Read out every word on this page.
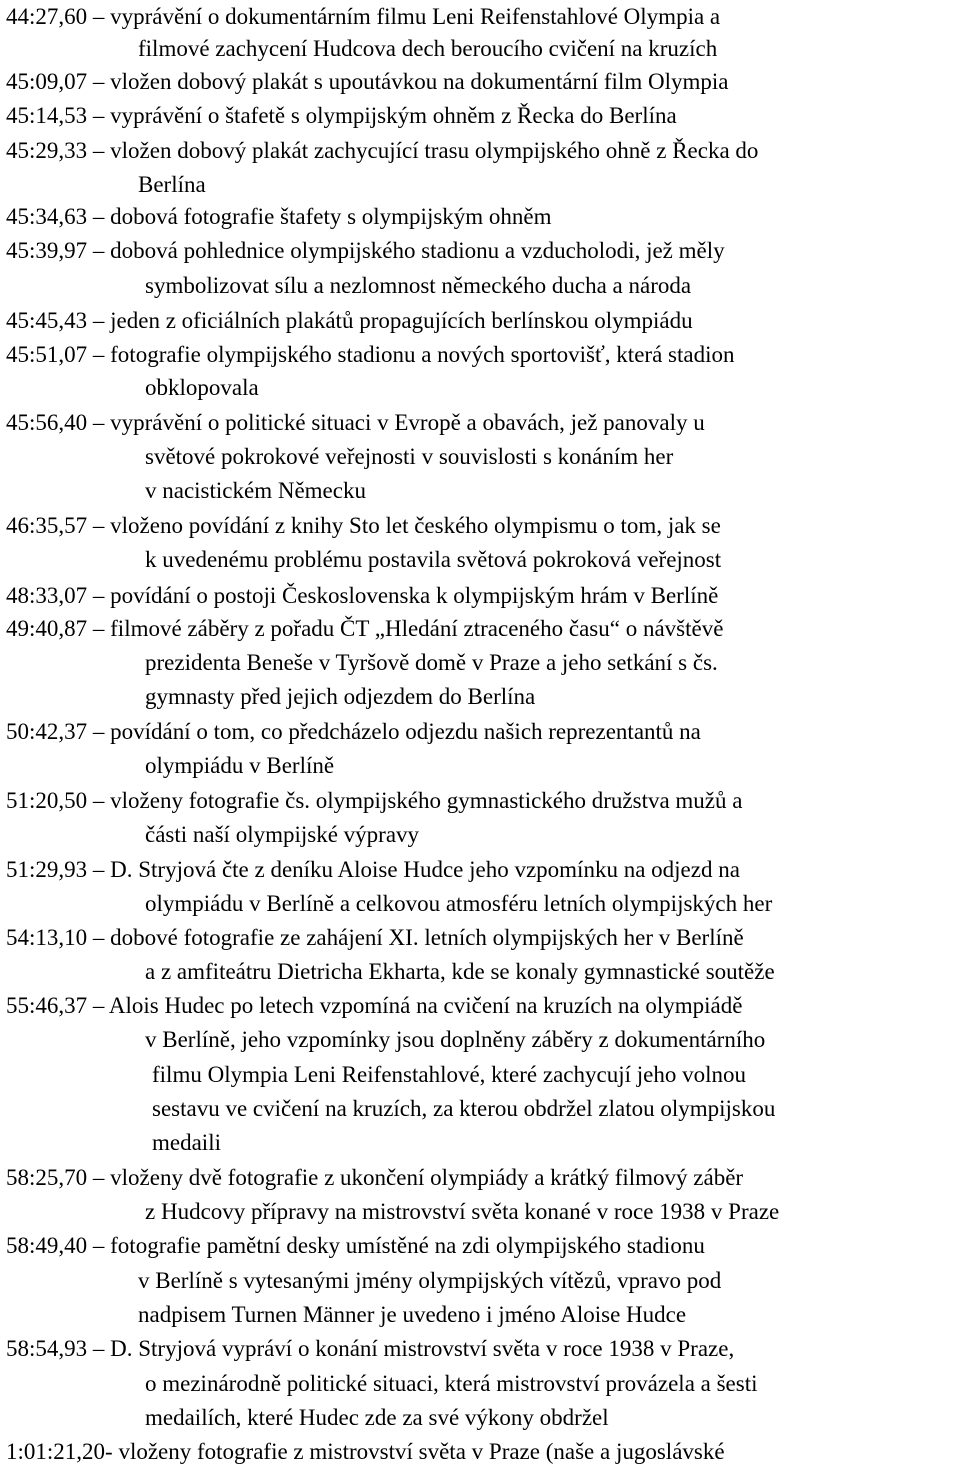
44:27,60 – vyprávění o dokumentárním filmu Leni Reifenstahlové Olympia a
filmové zachycení Hudcova dech beroucího cvičení na kruzích
45:09,07 – vložen dobový plakát s upoutávkou na dokumentární film Olympia
45:14,53 – vyprávění o štafetě s olympijským ohněm z Řecka do Berlína
45:29,33 – vložen dobový plakát zachycující trasu olympijského ohně z Řecka do
Berlína
45:34,63 – dobová fotografie štafety s olympijským ohněm
45:39,97 – dobová pohlednice olympijského stadionu a vzducholodi, jež měly
symbolizovat sílu a nezlomnost německého ducha a národa
45:45,43 – jeden z oficiálních plakátů propagujících berlínskou olympiádu
45:51,07 – fotografie olympijského stadionu a nových sportovišť, která stadion
obklopovala
45:56,40 – vyprávění o politické situaci v Evropě a obavách, jež panovaly u
světové pokrokové veřejnosti v souvislosti s konáním her
v nacistickém Německu
46:35,57 – vloženo povídání z knihy Sto let českého olympismu o tom, jak se
k uvedenému problému postavila světová pokroková veřejnost
48:33,07 – povídání o postoji Československa k olympijským hrám v Berlíně
49:40,87 – filmové záběry z pořadu ČT „Hledání ztraceného času“ o návštěvě
prezidenta Beneše v Tyršově domě v Praze a jeho setkání s čs.
gymnasty před jejich odjezdem do Berlína
50:42,37 – povídání o tom, co předcházelo odjezdu našich reprezentantů na
olympiádu v Berlíně
51:20,50 – vloženy fotografie čs. olympijského gymnastického družstva mužů a
části naší olympijské výpravy
51:29,93 – D. Stryjová čte z deníku Aloise Hudce jeho vzpomínku na odjezd na
olympiádu v Berlíně a celkovou atmosféru letních olympijských her
54:13,10 – dobové fotografie ze zahájení XI. letních olympijských her v Berlíně
a z amfiteátru Dietricha Ekharta, kde se konaly gymnastické soutěže
55:46,37 – Alois Hudec po letech vzpomíná na cvičení na kruzích na olympiádě
v Berlíně, jeho vzpomínky jsou doplněny záběry z dokumentárního
filmu Olympia Leni Reifenstahlové, které zachycují jeho volnou
sestavu ve cvičení na kruzích, za kterou obdržel zlatou olympijskou
medaili
58:25,70 – vloženy dvě fotografie z ukončení olympiády a krátký filmový záběr
z Hudcovy přípravy na mistrovství světa konané v roce 1938 v Praze
58:49,40 – fotografie pamětní desky umístěné na zdi olympijského stadionu
v Berlíně s vytesanými jmény olympijských vítězů, vpravo pod
nadpisem Turnen Männer je uvedeno i jméno Aloise Hudce
58:54,93 – D. Stryjová vypráví o konání mistrovství světa v roce 1938 v Praze,
o mezinárodně politické situaci, která mistrovství provázela a šesti
medailích, které Hudec zde za své výkony obdržel
1:01:21,20- vloženy fotografie z mistrovství světa v Praze (naše a jugoslávské
